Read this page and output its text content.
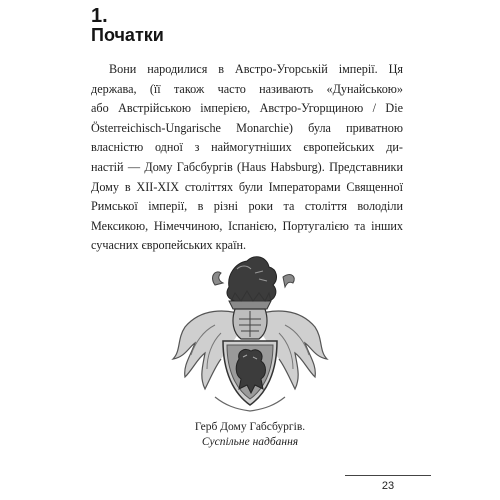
1.
Початки
Вони народилися в Австро-Угорській імперії. Ця
держава, (її також часто називають «Дунайською»
або Австрійською імперією, Австро-Угорщиною / Die
Österreichisch-Ungarische Monarchie) була приватною
власністю одної з наймогутніших європейських ди-
настій — Дому Габсбургів (Haus Habsburg). Представники
Дому в XII-XIX століттях були Імператорами Священної
Римської імперії, в різні роки та століття володіли
Мексикою, Німеччиною, Іспанією, Португалією та інших
сучасних європейських країн.
Герб Дому Габсбургів.
Суспільне надбання
23
